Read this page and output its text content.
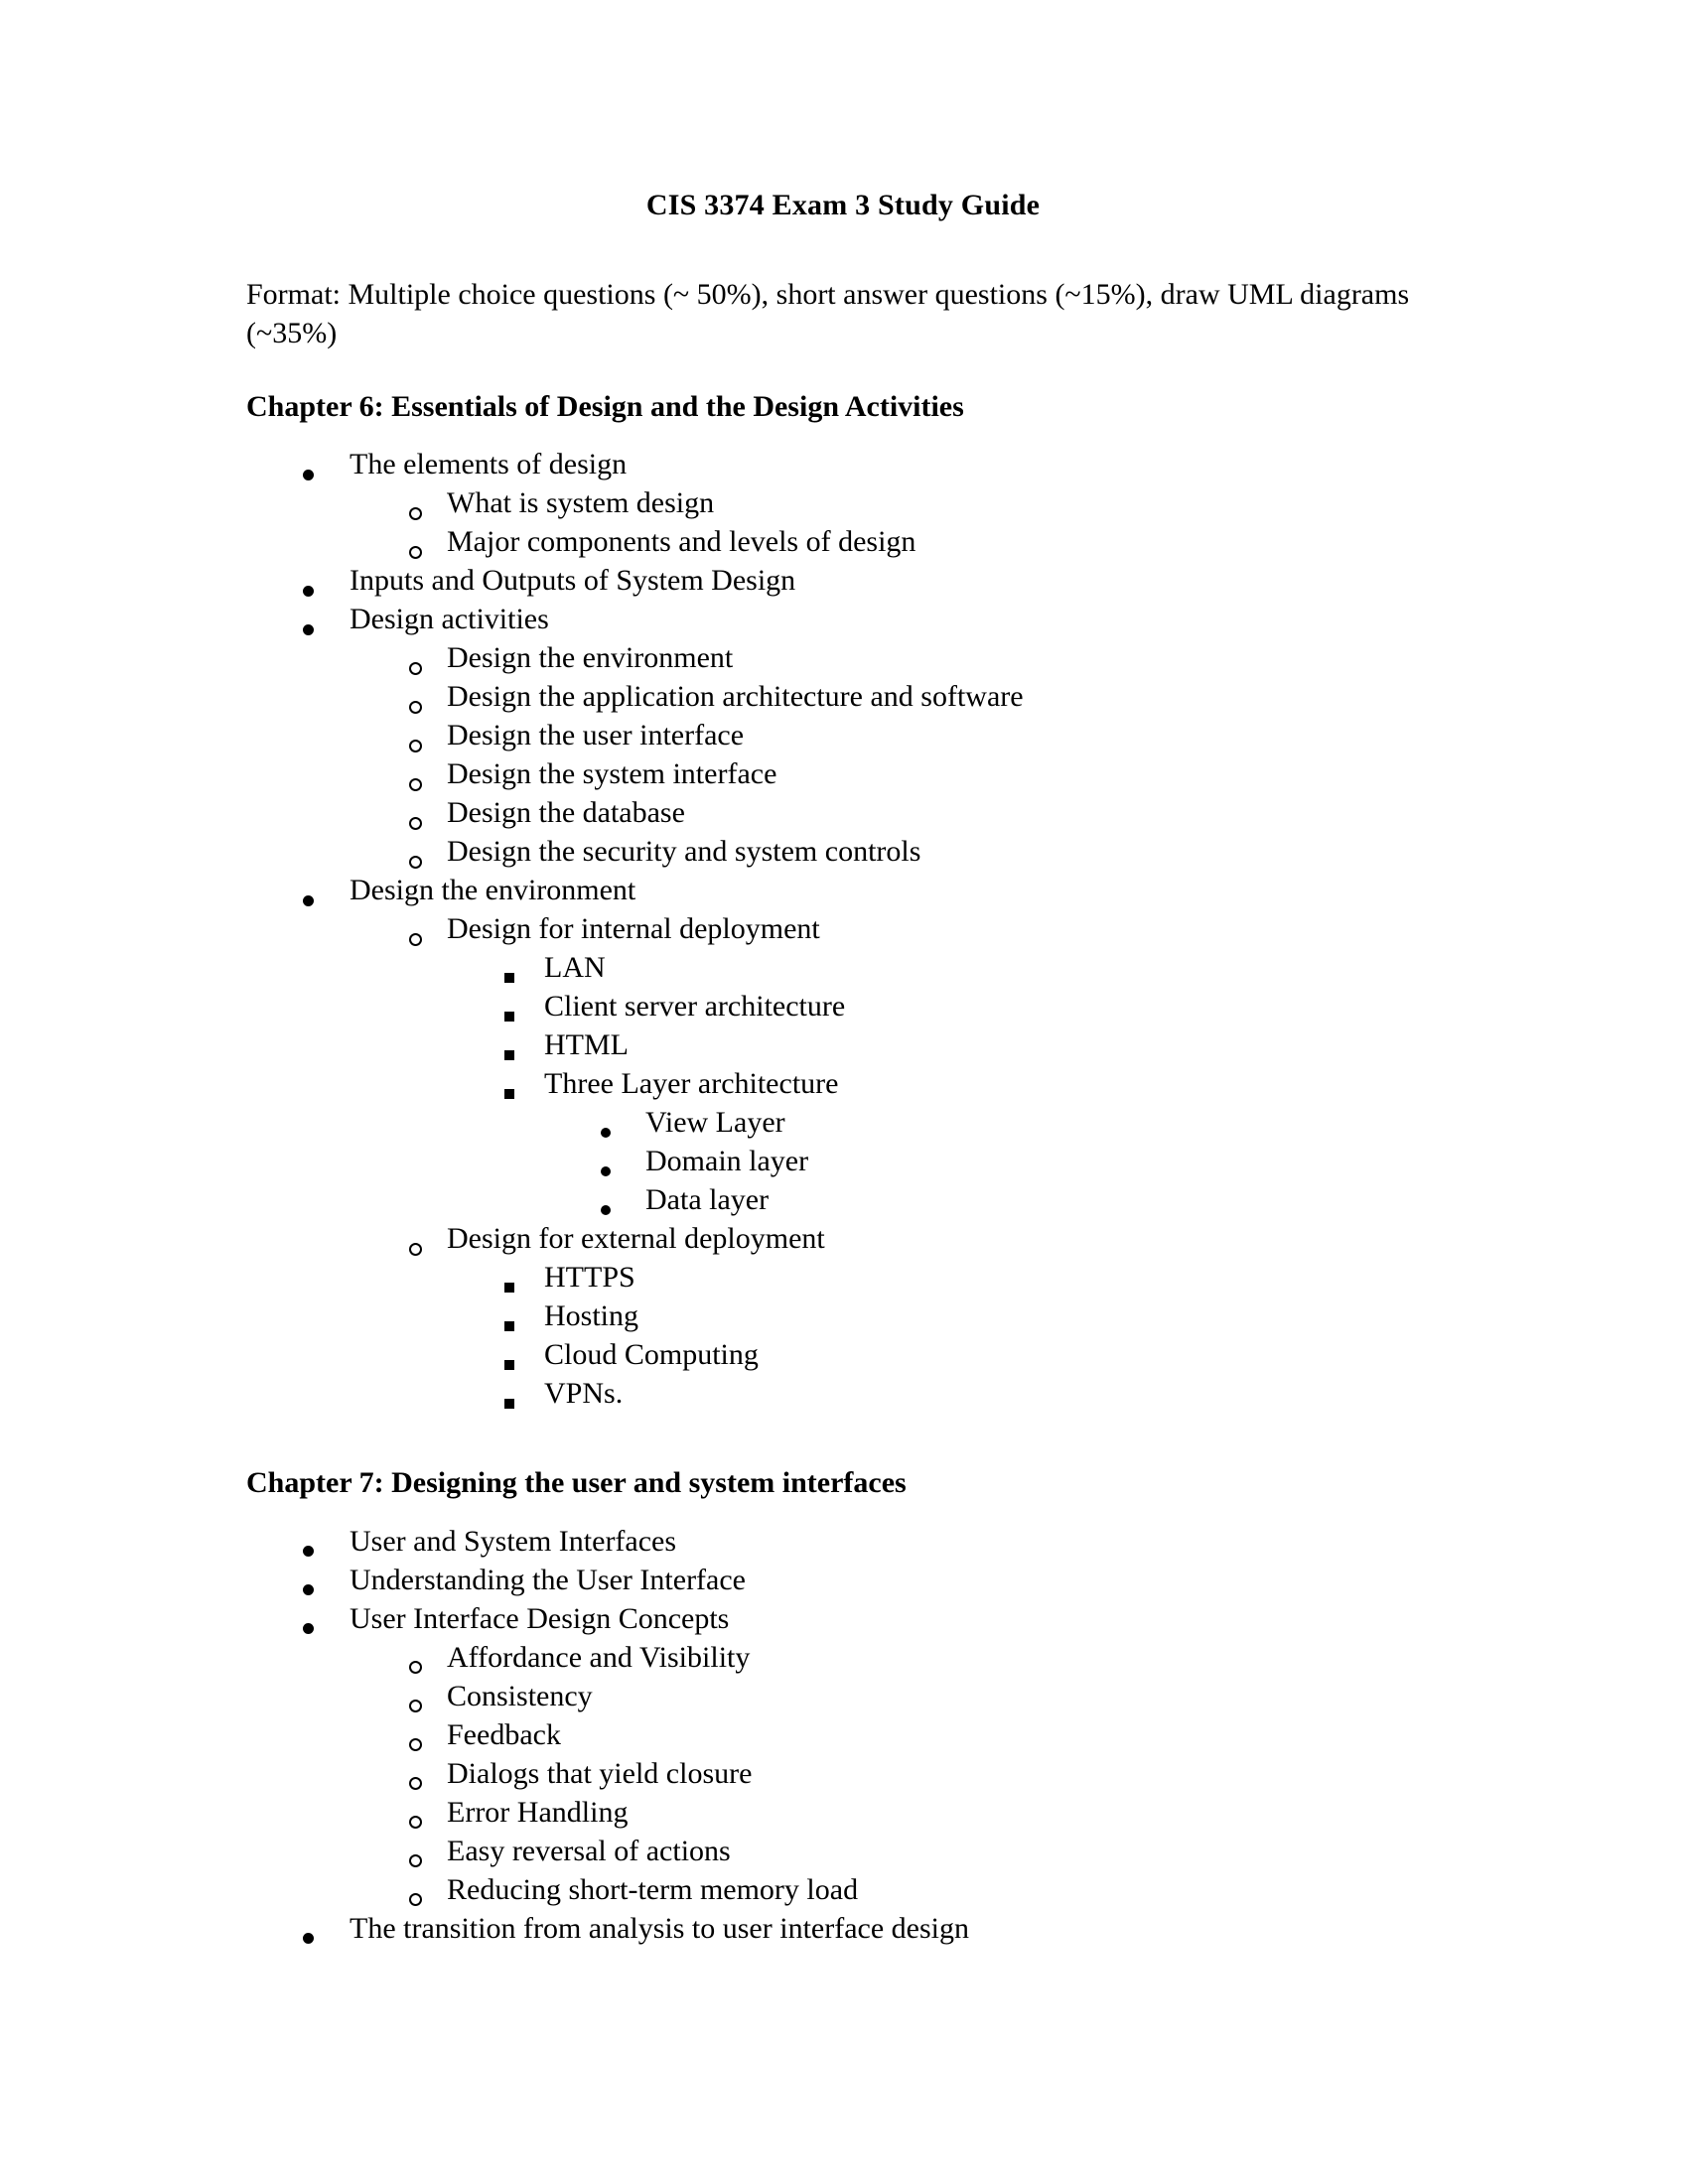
CIS 3374 Exam 3 Study Guide

Format: Multiple choice questions (~ 50%), short answer questions (~15%), draw UML diagrams (~35%)

Chapter 6: Essentials of Design and the Design Activities
The elements of design
What is system design
Major components and levels of design
Inputs and Outputs of System Design
Design activities
Design the environment
Design the application architecture and software
Design the user interface
Design the system interface
Design the database
Design the security and system controls
Design the environment
Design for internal deployment
LAN
Client server architecture
HTML
Three Layer architecture
View Layer
Domain layer
Data layer
Design for external deployment
HTTPS
Hosting
Cloud Computing
VPNs.
Chapter 7: Designing the user and system interfaces
User and System Interfaces
Understanding the User Interface
User Interface Design Concepts
Affordance and Visibility
Consistency
Feedback
Dialogs that yield closure
Error Handling
Easy reversal of actions
Reducing short-term memory load
The transition from analysis to user interface design
